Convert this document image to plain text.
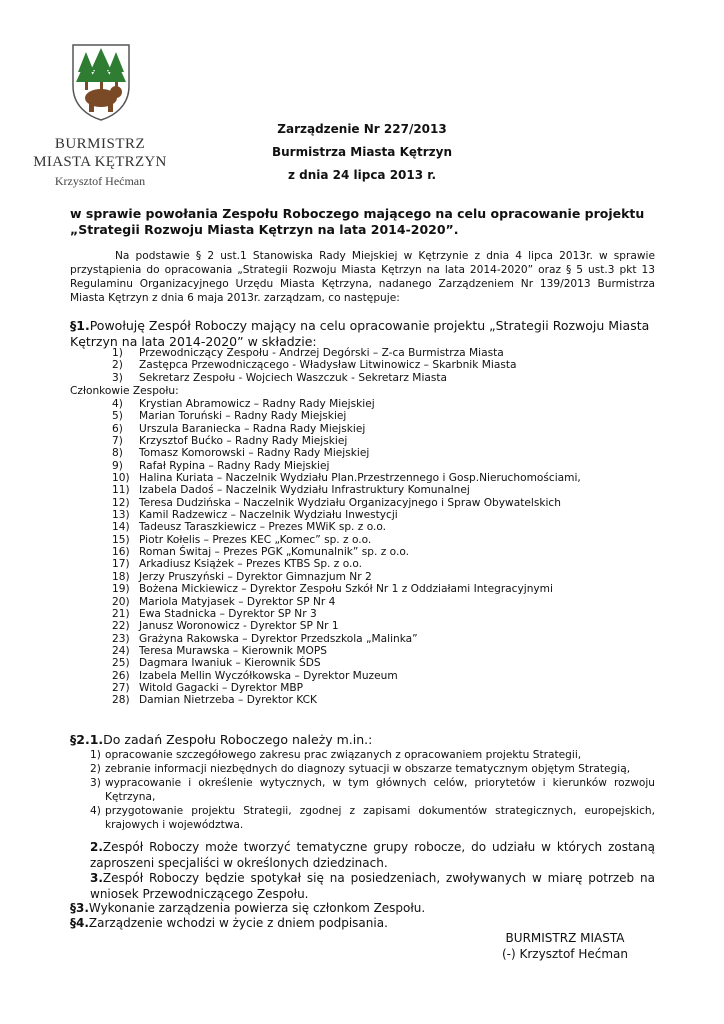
BURMISTRZ
MIASTA KĘTRZYN
Krzysztof Hećman
Zarządzenie Nr 227/2013
Burmistrza Miasta Kętrzyn
z dnia 24 lipca 2013 r.
w sprawie powołania Zespołu Roboczego mającego na celu opracowanie projektu
„Strategii Rozwoju Miasta Kętrzyn na lata 2014-2020”.
Na podstawie § 2 ust.1 Stanowiska Rady Miejskiej w Kętrzynie z dnia 4 lipca 2013r. w sprawie przystąpienia do opracowania „Strategii Rozwoju Miasta Kętrzyn na lata 2014-2020” oraz § 5 ust.3 pkt 13 Regulaminu Organizacyjnego Urzędu Miasta Kętrzyna, nadanego Zarządzeniem Nr 139/2013 Burmistrza Miasta Kętrzyn z dnia 6 maja 2013r. zarządzam, co następuje:
§1.Powołuję Zespół Roboczy mający na celu opracowanie projektu „Strategii Rozwoju Miasta Kętrzyn na lata 2014-2020” w składzie:
1) Przewodniczący Zespołu - Andrzej Degórski – Z-ca Burmistrza Miasta
2) Zastępca Przewodniczącego - Władysław Litwinowicz – Skarbnik Miasta
3) Sekretarz Zespołu - Wojciech Waszczuk - Sekretarz Miasta
Członkowie Zespołu:
4) Krystian Abramowicz – Radny Rady Miejskiej
5) Marian Toruński – Radny Rady Miejskiej
6) Urszula Baraniecka – Radna Rady Miejskiej
7) Krzysztof Bućko – Radny Rady Miejskiej
8) Tomasz Komorowski – Radny Rady Miejskiej
9) Rafał Rypina – Radny Rady Miejskiej
10) Halina Kuriata – Naczelnik Wydziału Plan.Przestrzennego i Gosp.Nieruchomościami,
11) Izabela Dadoś – Naczelnik Wydziału Infrastruktury Komunalnej
12) Teresa Dudzińska – Naczelnik Wydziału Organizacyjnego i Spraw Obywatelskich
13) Kamil Radzewicz – Naczelnik Wydziału Inwestycji
14) Tadeusz Taraszkiewicz – Prezes MWiK sp. z o.o.
15) Piotr Kołelis – Prezes KEC „Komec” sp. z o.o.
16) Roman Świtaj – Prezes PGK „Komunalnik” sp. z o.o.
17) Arkadiusz Książek – Prezes KTBS Sp. z o.o.
18) Jerzy Pruszyński – Dyrektor Gimnazjum Nr 2
19) Bożena Mickiewicz – Dyrektor Zespołu Szkół Nr 1 z Oddziałami Integracyjnymi
20) Mariola Matyjasek – Dyrektor SP Nr 4
21) Ewa Stadnicka – Dyrektor SP Nr 3
22) Janusz Woronowicz - Dyrektor SP Nr 1
23) Grażyna Rakowska – Dyrektor Przedszkola „Malinka”
24) Teresa Murawska – Kierownik MOPS
25) Dagmara Iwaniuk – Kierownik ŚDS
26) Izabela Mellin Wyczółkowska – Dyrektor Muzeum
27) Witold Gagacki – Dyrektor MBP
28) Damian Nietrzeba – Dyrektor KCK
§2.1.Do zadań Zespołu Roboczego należy m.in.:
1) opracowanie szczegółowego zakresu prac związanych z opracowaniem projektu Strategii,
2) zebranie informacji niezbędnych do diagnozy sytuacji w obszarze tematycznym objętym Strategią,
3) wypracowanie i określenie wytycznych, w tym głównych celów, priorytetów i kierunków rozwoju Kętrzyna,
4) przygotowanie projektu Strategii, zgodnej z zapisami dokumentów strategicznych, europejskich, krajowych i województwa.
2.Zespół Roboczy może tworzyć tematyczne grupy robocze, do udziału w których zostaną zaproszeni specjaliści w określonych dziedzinach.
3.Zespół Roboczy będzie spotykał się na posiedzeniach, zwoływanych w miarę potrzeb na wniosek Przewodniczącego Zespołu.
§3.Wykonanie zarządzenia powierza się członkom Zespołu.
§4.Zarządzenie wchodzi w życie z dniem podpisania.
BURMISTRZ MIASTA
(-) Krzysztof Hećman
